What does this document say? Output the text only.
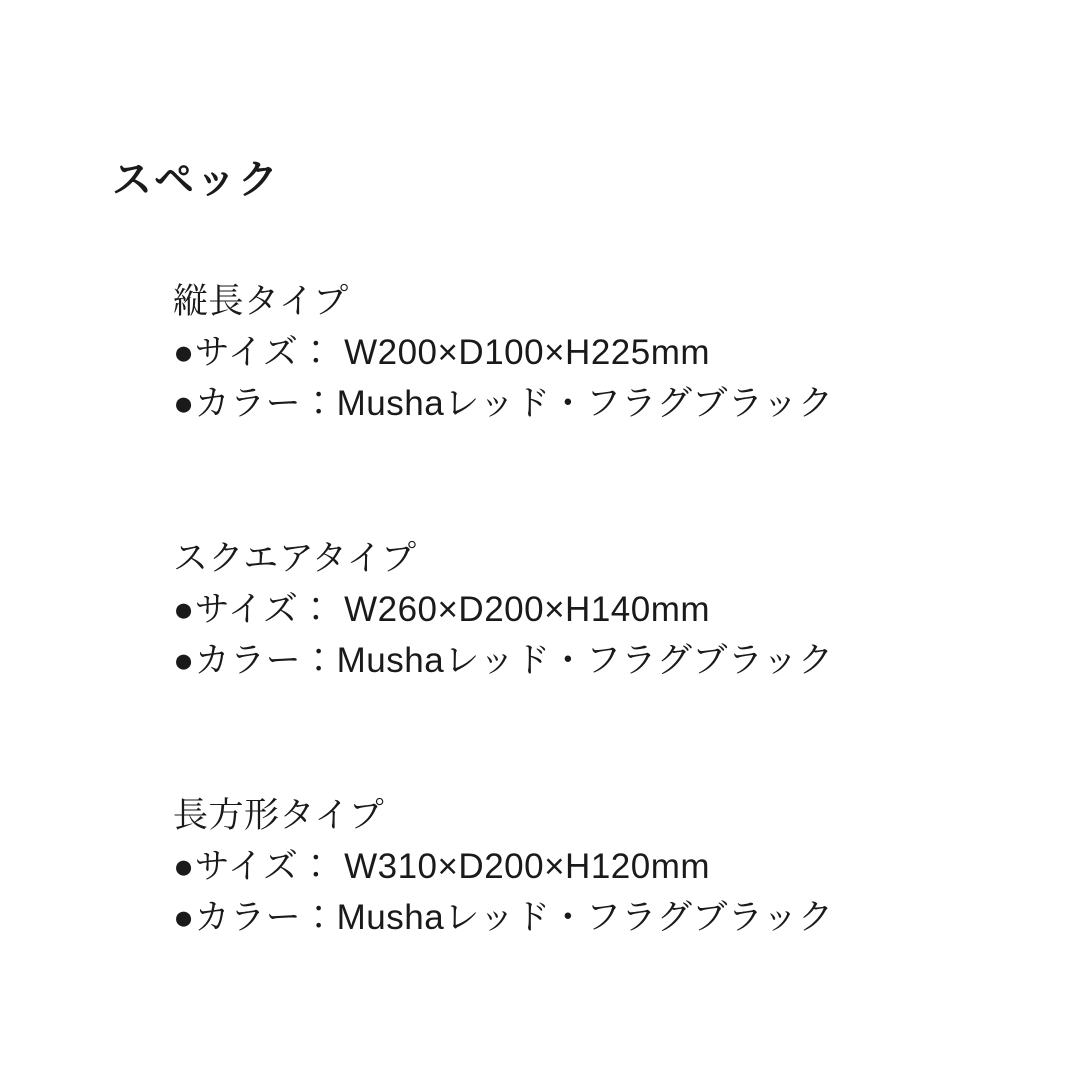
スペック
縦長タイプ
●サイズ： W200×D100×H225mm
●カラー：Mushaレッド・フラグブラック
スクエアタイプ
●サイズ： W260×D200×H140mm
●カラー：Mushaレッド・フラグブラック
長方形タイプ
●サイズ： W310×D200×H120mm
●カラー：Mushaレッド・フラグブラック
